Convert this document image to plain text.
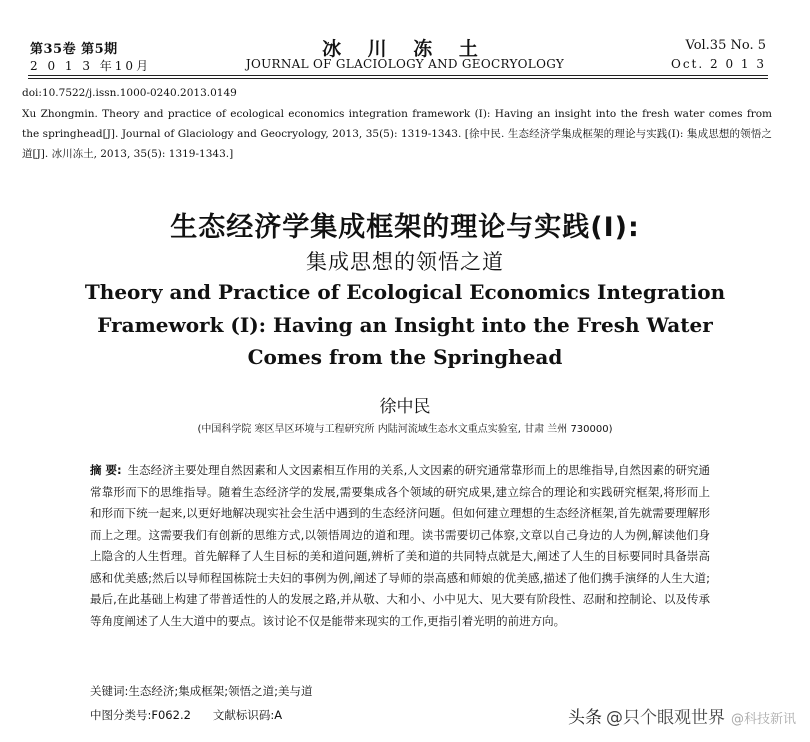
第35卷 第5期
2 0 1 3 年10月
冰 川 冻 土
JOURNAL OF GLACIOLOGY AND GEOCRYOLOGY
Vol.35 No. 5
Oct. 2 0 1 3
doi:10.7522/j.issn.1000-0240.2013.0149
Xu Zhongmin. Theory and practice of ecological economics integration framework (I): Having an insight into the fresh water comes from the springhead[J]. Journal of Glaciology and Geocryology, 2013, 35(5): 1319-1343. [徐中民. 生态经济学集成框架的理论与实践(I): 集成思想的领悟之道[J]. 冰川冻土, 2013, 35(5): 1319-1343.]
生态经济学集成框架的理论与实践(Ⅰ):
集成思想的领悟之道
Theory and Practice of Ecological Economics Integration Framework (Ⅰ): Having an Insight into the Fresh Water Comes from the Springhead
徐中民
(中国科学院 寒区旱区环境与工程研究所 内陆河流域生态水文重点实验室, 甘肃 兰州 730000)
摘 要: 生态经济主要处理自然因素和人文因素相互作用的关系,人文因素的研究通常靠形而上的思维指导,自然因素的研究通常靠形而下的思维指导。随着生态经济学的发展,需要集成各个领域的研究成果,建立综合的理论和实践研究框架,将形而上和形而下统一起来,以更好地解决现实社会生活中遇到的生态经济问题。但如何建立理想的生态经济框架,首先就需要理解形而上之理。这需要我们有创新的思维方式,以领悟周边的道和理。读书需要切己体察,文章以自己身边的人为例,解读他们身上隐含的人生哲理。首先解释了人生目标的美和道问题,辨析了美和道的共同特点就是大,阐述了人生的目标要同时具备崇高感和优美感;然后以导师程国栋院士夫妇的事例为例,阐述了导师的崇高感和师娘的优美感,描述了他们携手演绎的人生大道;最后,在此基础上构建了带普适性的人的发展之路,并从敬、大和小、小中见大、见大要有阶段性、忍耐和控制论、以及传承等角度阐述了人生大道中的要点。该讨论不仅是能带来现实的工作,更指引着光明的前进方向。
关键词:生态经济;集成框架;领悟之道;美与道
中图分类号:F062.2 文献标识码:A	头条 @只个眼观世界 @科技新讯
